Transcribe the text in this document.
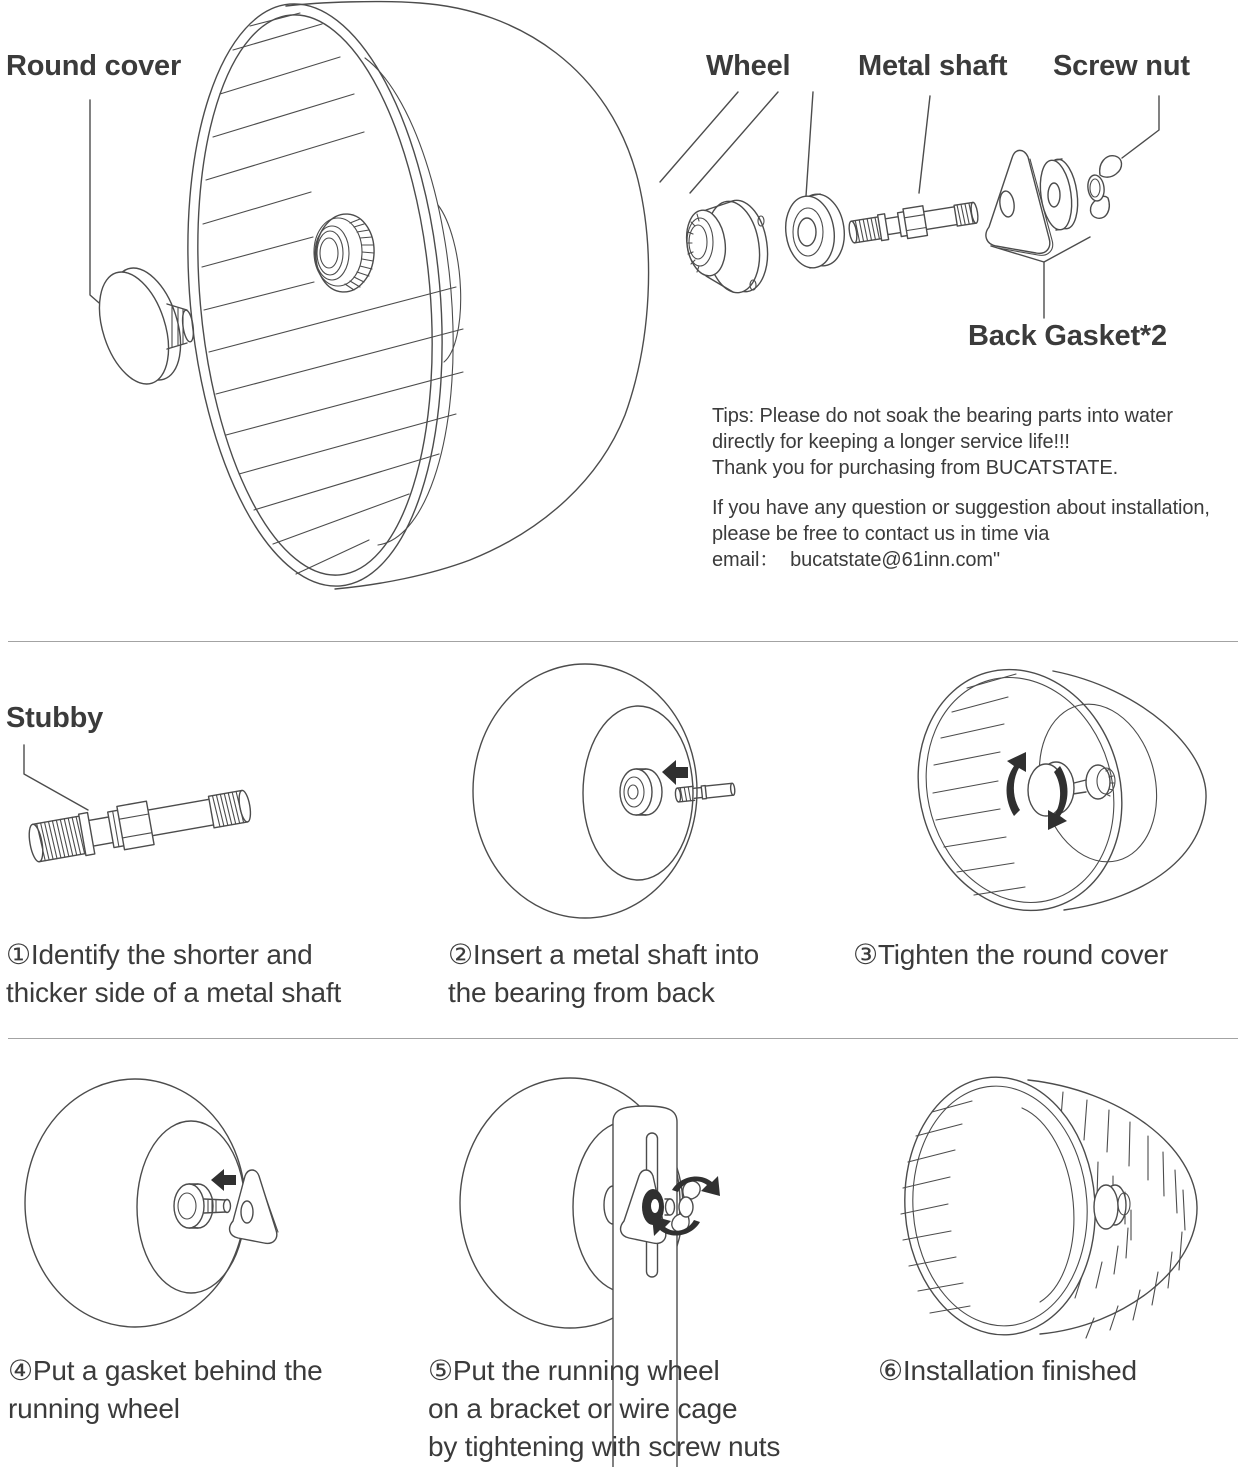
Round cover	Wheel Metal shaft Screw nut
Back Gasket*2
Tips: Please do not soak the bearing parts into water
directly for keeping a longer service life!!!
Thank you for purchasing from BUCATSTATE.
If you have any question or suggestion about installation,
please be free to contact us in time via
email：  bucatstate@61inn.com"
Stubby
①Identify the shorter and
thicker side of a metal shaft
②Insert a metal shaft into
the bearing from back
③Tighten the round cover
④Put a gasket behind the
running wheel
⑤Put the running wheel
on a bracket or wire cage
by tightening with screw nuts
⑥Installation finished
